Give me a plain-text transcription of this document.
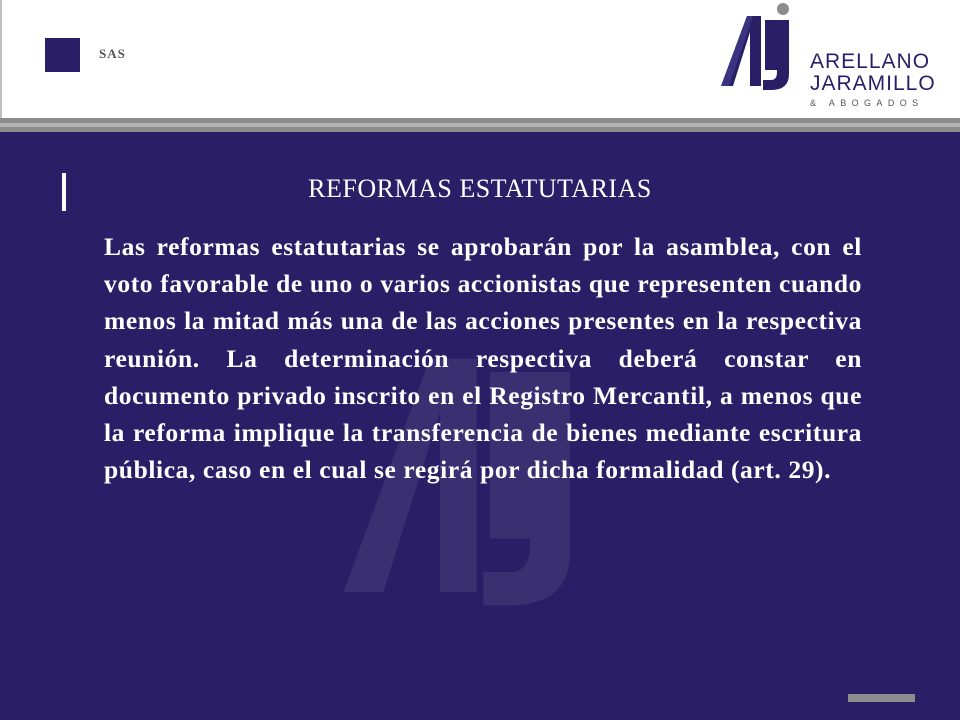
SAS	ARELLANO
JARAMILLO
& ABOGADOS
REFORMAS ESTATUTARIAS

Las reformas estatutarias se aprobarán por la asamblea, con el voto favorable de uno o varios accionistas que representen cuando menos la mitad más una de las acciones presentes en la respectiva reunión. La determinación respectiva deberá constar en documento privado inscrito en el Registro Mercantil, a menos que la reforma implique la transferencia de bienes mediante escritura pública, caso en el cual se regirá por dicha formalidad (art. 29).
